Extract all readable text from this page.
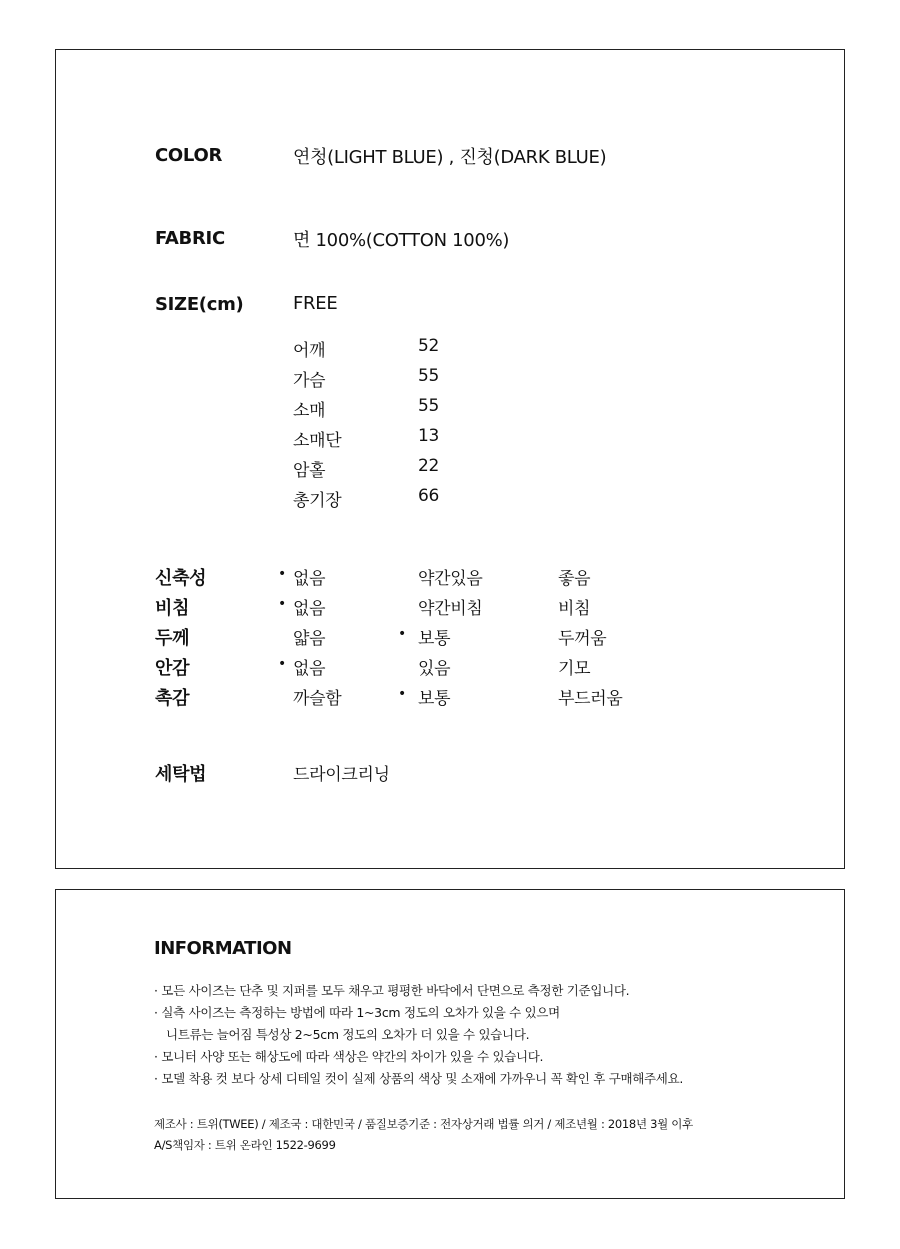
COLOR	연청(LIGHT BLUE) , 진청(DARK BLUE)
FABRIC	면 100%(COTTON 100%)
SIZE(cm)	FREE
어깨	52
가슴	55
소매	55
소매단	13
암홀	22
총기장	66
신축성	없음	약간있음	좋음
•
비침	없음	약간비침	비침
•
두께	얇음	보통	두꺼움
•
안감	없음	있음	기모
•
촉감	까슬함	보통	부드러움
•
세탁법	드라이크리닝
INFORMATION
· 모든 사이즈는 단추 및 지퍼를 모두 채우고 평평한 바닥에서 단면으로 측정한 기준입니다.
· 실측 사이즈는 측정하는 방법에 따라 1~3cm 정도의 오차가 있을 수 있으며
니트류는 늘어짐 특성상 2~5cm 정도의 오차가 더 있을 수 있습니다.
· 모니터 사양 또는 해상도에 따라 색상은 약간의 차이가 있을 수 있습니다.
· 모델 착용 컷 보다 상세 디테일 컷이 실제 상품의 색상 및 소재에 가까우니 꼭 확인 후 구매해주세요.
제조사 : 트위(TWEE) / 제조국 : 대한민국 / 품질보증기준 : 전자상거래 법률 의거 / 제조년월 : 2018년 3월 이후
A/S책임자 : 트위 온라인 1522-9699
